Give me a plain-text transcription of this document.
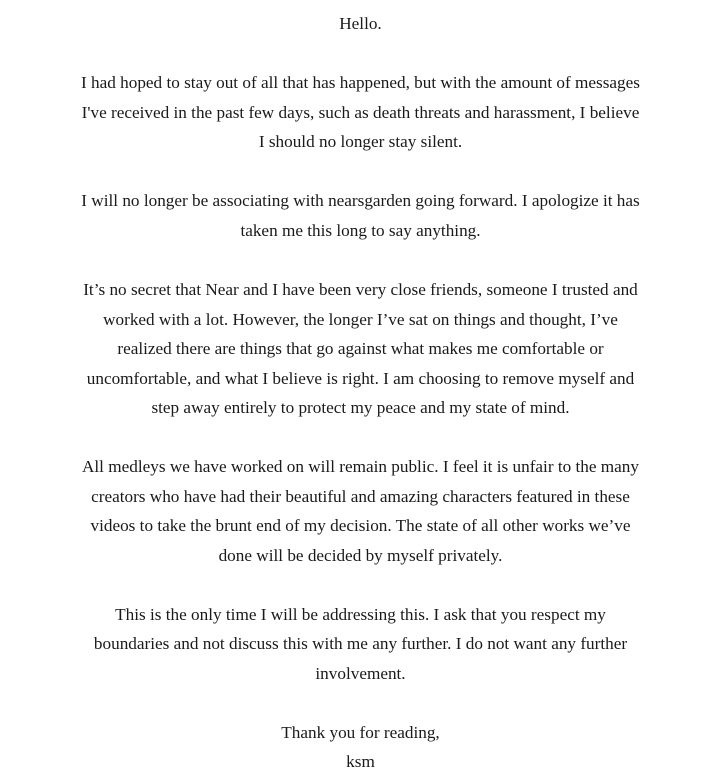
Hello.
I had hoped to stay out of all that has happened, but with the amount of messages
I've received in the past few days, such as death threats and harassment, I believe
I should no longer stay silent.
I will no longer be associating with nearsgarden going forward. I apologize it has
taken me this long to say anything.
It’s no secret that Near and I have been very close friends, someone I trusted and
worked with a lot. However, the longer I’ve sat on things and thought, I’ve
realized there are things that go against what makes me comfortable or
uncomfortable, and what I believe is right. I am choosing to remove myself and
step away entirely to protect my peace and my state of mind.
All medleys we have worked on will remain public. I feel it is unfair to the many
creators who have had their beautiful and amazing characters featured in these
videos to take the brunt end of my decision. The state of all other works we’ve
done will be decided by myself privately.
This is the only time I will be addressing this. I ask that you respect my
boundaries and not discuss this with me any further. I do not want any further
involvement.
Thank you for reading,
ksm
